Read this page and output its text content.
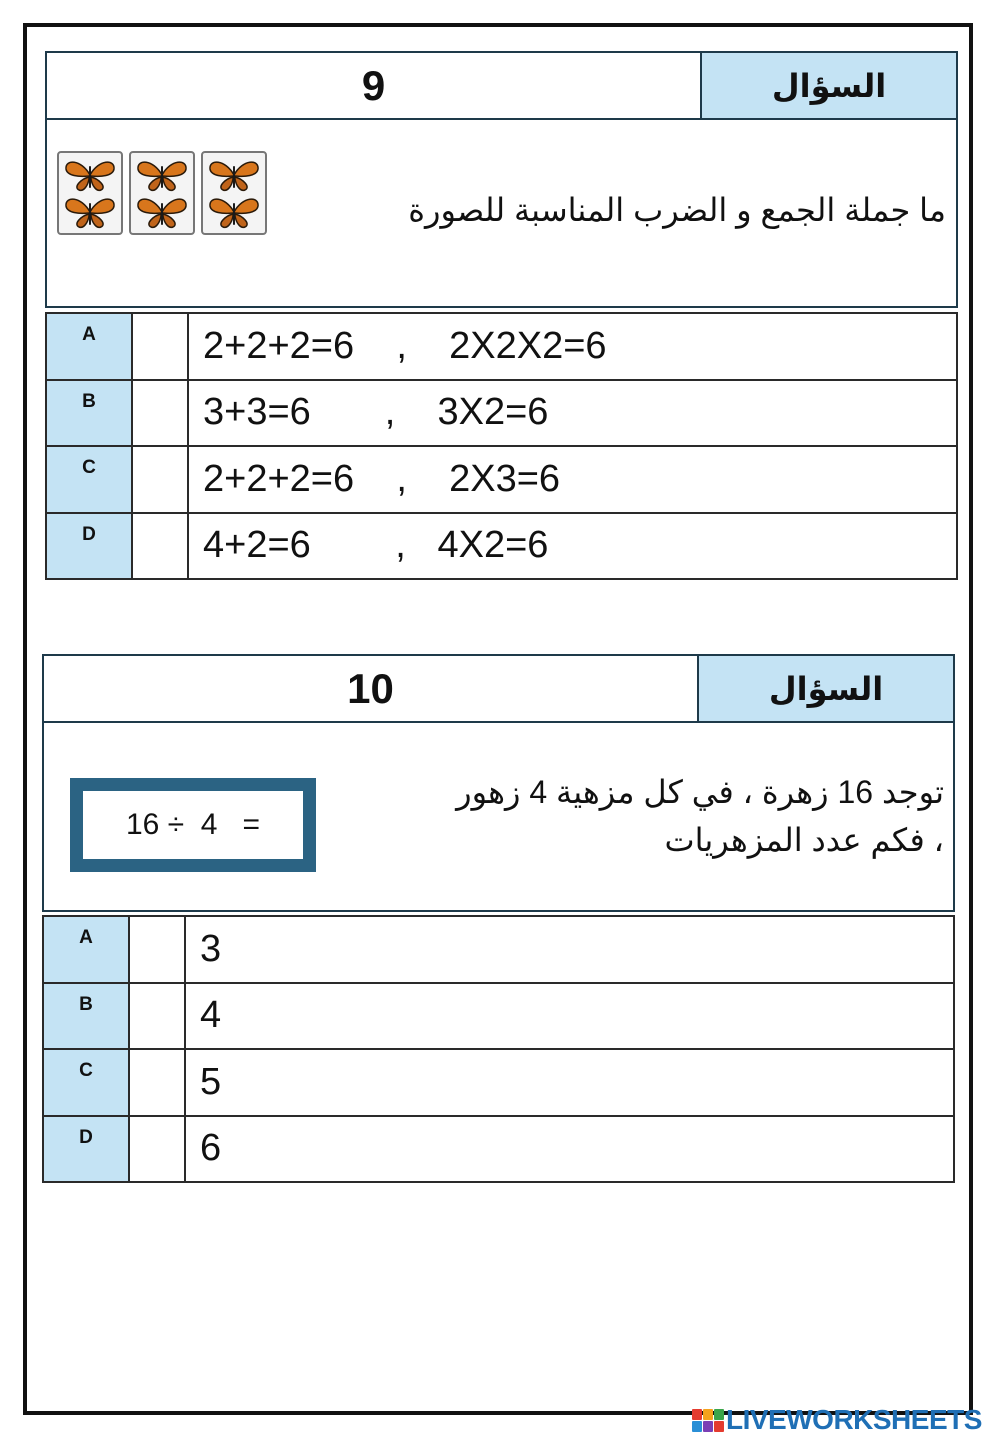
9	السؤال
ما جملة الجمع و الضرب المناسبة للصورة
A		2+2+2=6    ,    2X2X2=6
B		3+3=6       ,    3X2=6
C		2+2+2=6    ,    2X3=6
D		4+2=6        ,   4X2=6
10	السؤال
توجد 16 زهرة ، في كل مزهية 4 زهور
، فكم عدد المزهريات
16 ÷  4   =
A		3
B		4
C		5
D		6
LIVEWORKSHEETS
